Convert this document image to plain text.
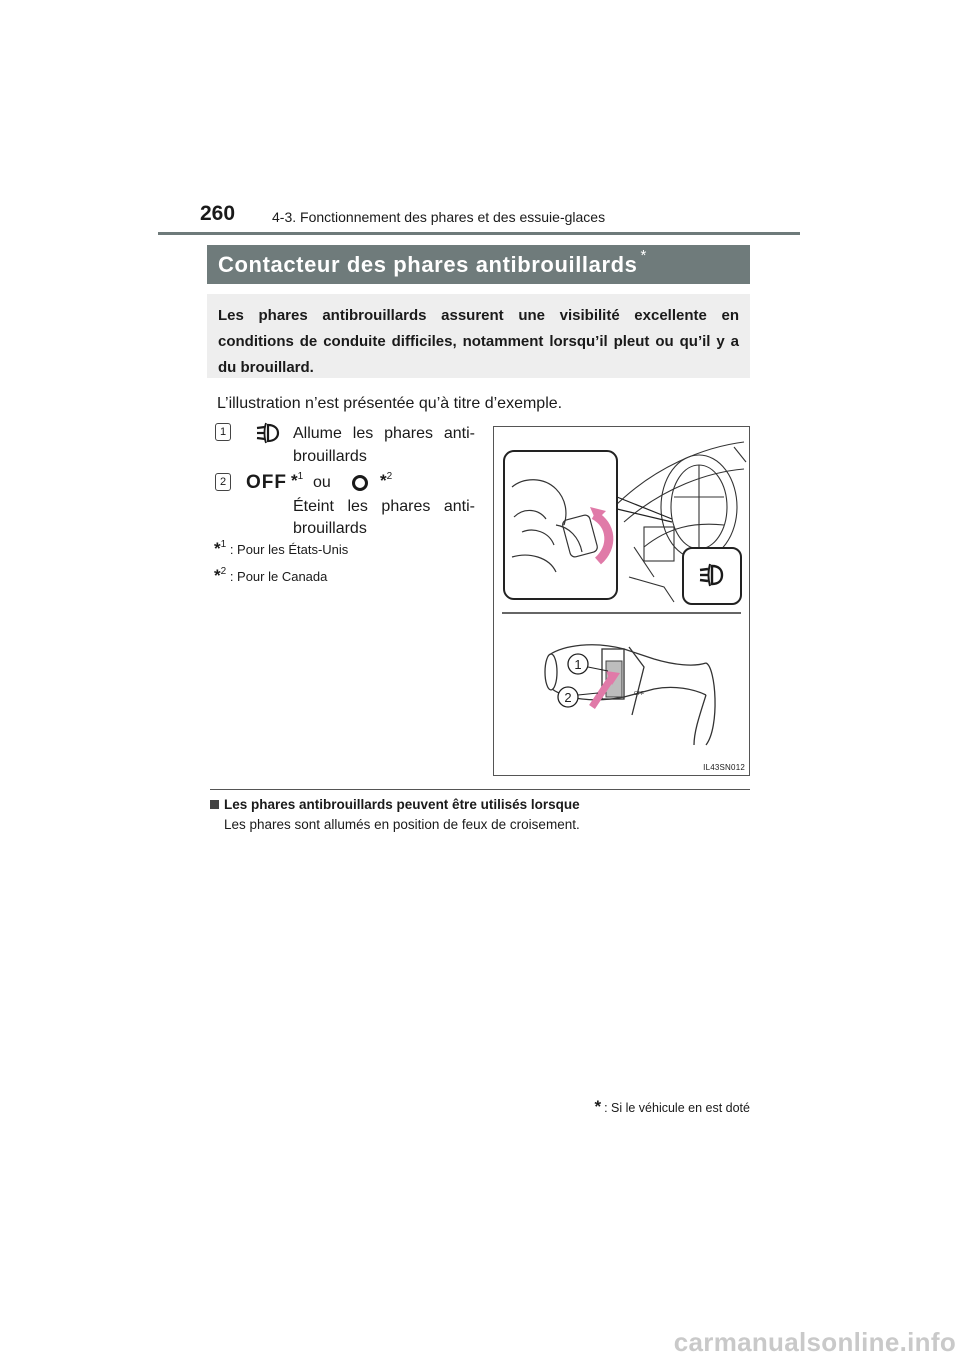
260	4-3. Fonctionnement des phares et des essuie-glaces
Contacteur des phares antibrouillards *

Les phares antibrouillards assurent une visibilité excellente en conditions de conduite difficiles, notamment lorsqu’il pleut ou qu’il y a du brouillard.

L’illustration n’est présentée qu’à titre d’exemple.
1	Allume les phares anti-
brouillards
2 OFF *$^1$ ou	*$^2$
Éteint les phares anti-
brouillards
*$^1$ : Pour les États-Unis
*$^2$ : Pour le Canada
OFF
1
2
IL43SN012
Les phares antibrouillards peuvent être utilisés lorsque
Les phares sont allumés en position de feux de croisement.
* : Si le véhicule en est doté
carmanualsonline.info
